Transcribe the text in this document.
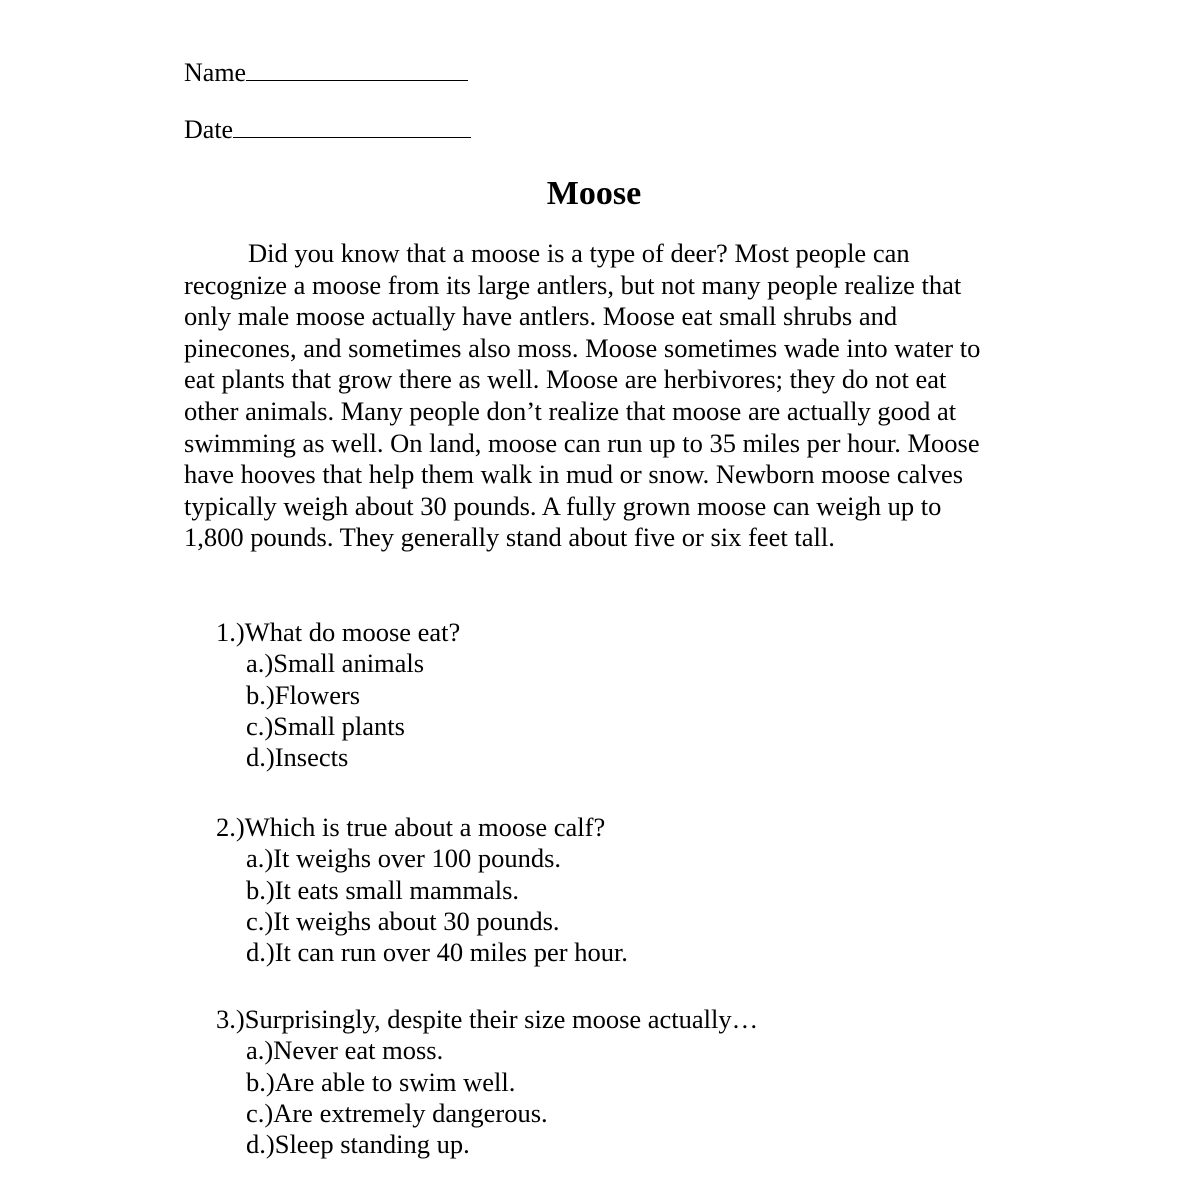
Name
Date
Moose

Did you know that a moose is a type of deer? Most people can recognize a moose from its large antlers, but not many people realize that only male moose actually have antlers. Moose eat small shrubs and pinecones, and sometimes also moss. Moose sometimes wade into water to eat plants that grow there as well. Moose are herbivores; they do not eat other animals. Many people don’t realize that moose are actually good at swimming as well. On land, moose can run up to 35 miles per hour. Moose have hooves that help them walk in mud or snow. Newborn moose calves typically weigh about 30 pounds. A fully grown moose can weigh up to 1,800 pounds. They generally stand about five or six feet tall.

1.)What do moose eat?
a.)Small animals
b.)Flowers
c.)Small plants
d.)Insects
2.)Which is true about a moose calf?
a.)It weighs over 100 pounds.
b.)It eats small mammals.
c.)It weighs about 30 pounds.
d.)It can run over 40 miles per hour.
3.)Surprisingly, despite their size moose actually…
a.)Never eat moss.
b.)Are able to swim well.
c.)Are extremely dangerous.
d.)Sleep standing up.
